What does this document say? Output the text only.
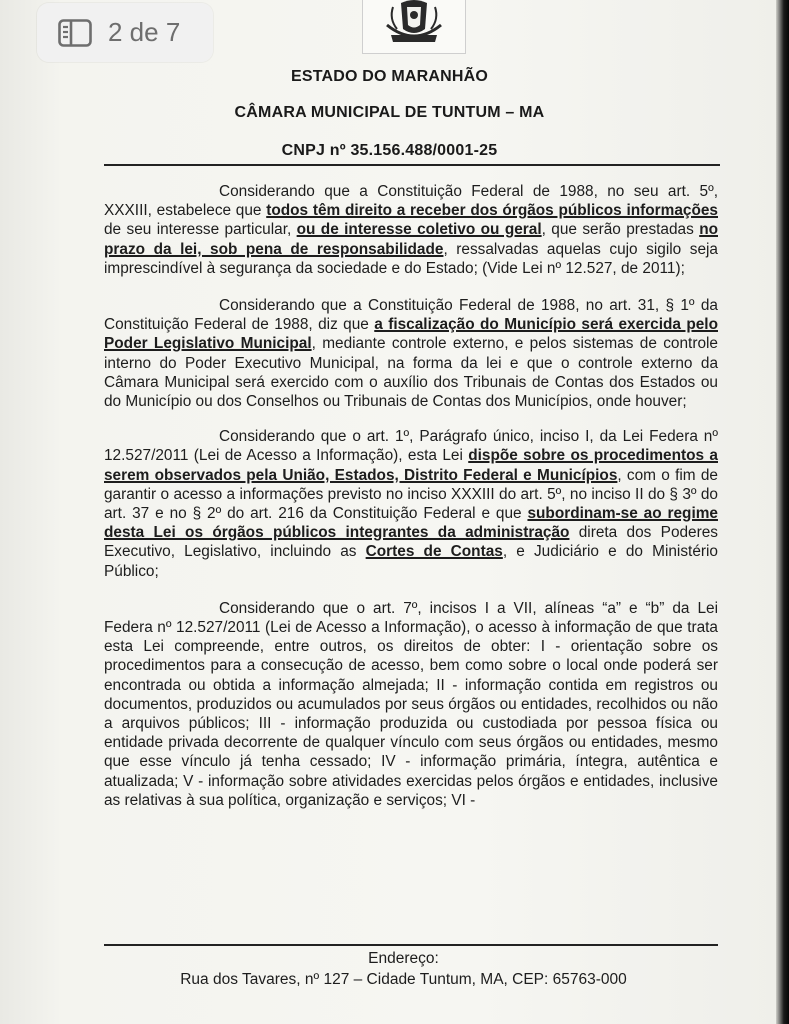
ESTADO DO MARANHÃO
CÂMARA MUNICIPAL DE TUNTUM – MA
CNPJ nº 35.156.488/0001-25

Considerando que a Constituição Federal de 1988, no seu art. 5º, XXXIII, estabelece que todos têm direito a receber dos órgãos públicos informações de seu interesse particular, ou de interesse coletivo ou geral, que serão prestadas no prazo da lei, sob pena de responsabilidade, ressalvadas aquelas cujo sigilo seja imprescindível à segurança da sociedade e do Estado; (Vide Lei nº 12.527, de 2011);

Considerando que a Constituição Federal de 1988, no art. 31, § 1º da Constituição Federal de 1988, diz que a fiscalização do Município será exercida pelo Poder Legislativo Municipal, mediante controle externo, e pelos sistemas de controle interno do Poder Executivo Municipal, na forma da lei e que o controle externo da Câmara Municipal será exercido com o auxílio dos Tribunais de Contas dos Estados ou do Município ou dos Conselhos ou Tribunais de Contas dos Municípios, onde houver;

Considerando que o art. 1º, Parágrafo único, inciso I, da Lei Federa nº 12.527/2011 (Lei de Acesso a Informação), esta Lei dispõe sobre os procedimentos a serem observados pela União, Estados, Distrito Federal e Municípios, com o fim de garantir o acesso a informações previsto no inciso XXXIII do art. 5º, no inciso II do § 3º do art. 37 e no § 2º do art. 216 da Constituição Federal e que subordinam-se ao regime desta Lei os órgãos públicos integrantes da administração direta dos Poderes Executivo, Legislativo, incluindo as Cortes de Contas, e Judiciário e do Ministério Público;

Considerando que o art. 7º, incisos I a VII, alíneas “a” e “b” da Lei Federa nº 12.527/2011 (Lei de Acesso a Informação), o acesso à informação de que trata esta Lei compreende, entre outros, os direitos de obter: I - orientação sobre os procedimentos para a consecução de acesso, bem como sobre o local onde poderá ser encontrada ou obtida a informação almejada; II - informação contida em registros ou documentos, produzidos ou acumulados por seus órgãos ou entidades, recolhidos ou não a arquivos públicos; III - informação produzida ou custodiada por pessoa física ou entidade privada decorrente de qualquer vínculo com seus órgãos ou entidades, mesmo que esse vínculo já tenha cessado; IV - informação primária, íntegra, autêntica e atualizada; V - informação sobre atividades exercidas pelos órgãos e entidades, inclusive as relativas à sua política, organização e serviços; VI -

Endereço:
Rua dos Tavares, nº 127 – Cidade Tuntum, MA, CEP: 65763-000
2 de 7
